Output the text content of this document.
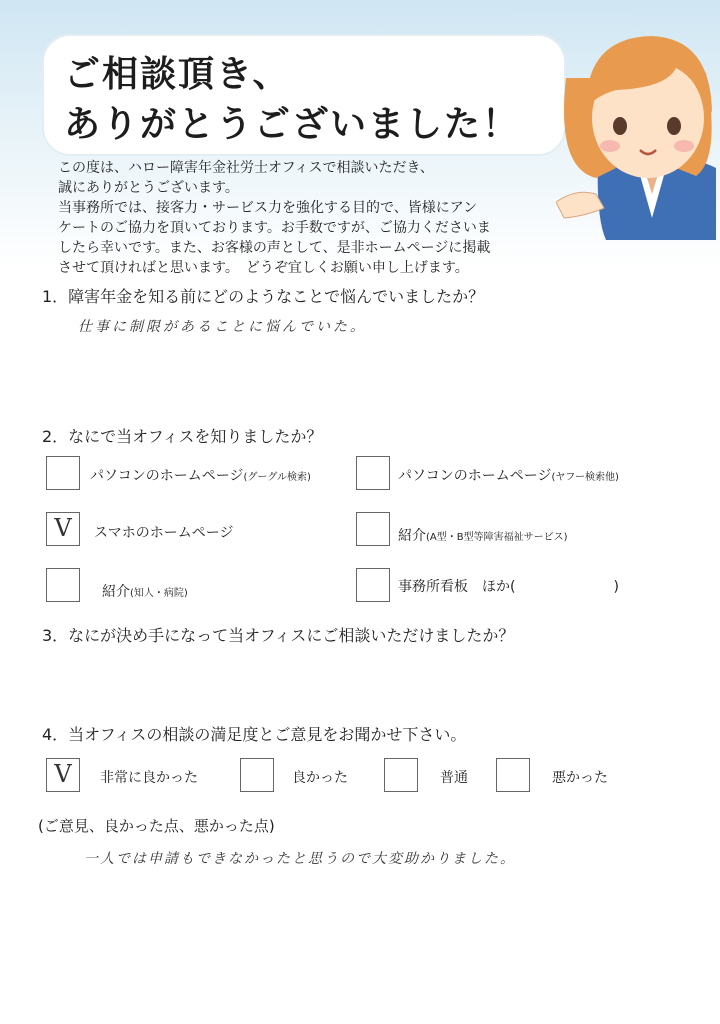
ご相談頂き、
ありがとうございました！

この度は、ハロー障害年金社労士オフィスで相談いただき、

誠にありがとうございます。

当事務所では、接客力・サービス力を強化する目的で、皆様にアン

ケートのご協力を頂いております。お手数ですが、ご協力くださいま

したら幸いです。また、お客様の声として、是非ホームページに掲載

させて頂ければと思います。　どうぞ宜しくお願い申し上げます。

1．障害年金を知る前にどのようなことで悩んでいましたか？
仕事に制限があることに悩んでいた。
2．なにで当オフィスを知りましたか？
パソコンのホームページ(グーグル検索)	パソコンのホームページ(ヤフー検索他)
V	スマホのホームページ	紹介(A型・B型等障害福祉サービス)
紹介(知人・病院)	事務所看板　ほか(　　　　　　　)
3．なにが決め手になって当オフィスにご相談いただけましたか？
4．当オフィスの相談の満足度とご意見をお聞かせ下さい。
V	非常に良かった	良かった	普通	悪かった
(ご意見、良かった点、悪かった点)
一人では申請もできなかったと思うので大変助かりました。
